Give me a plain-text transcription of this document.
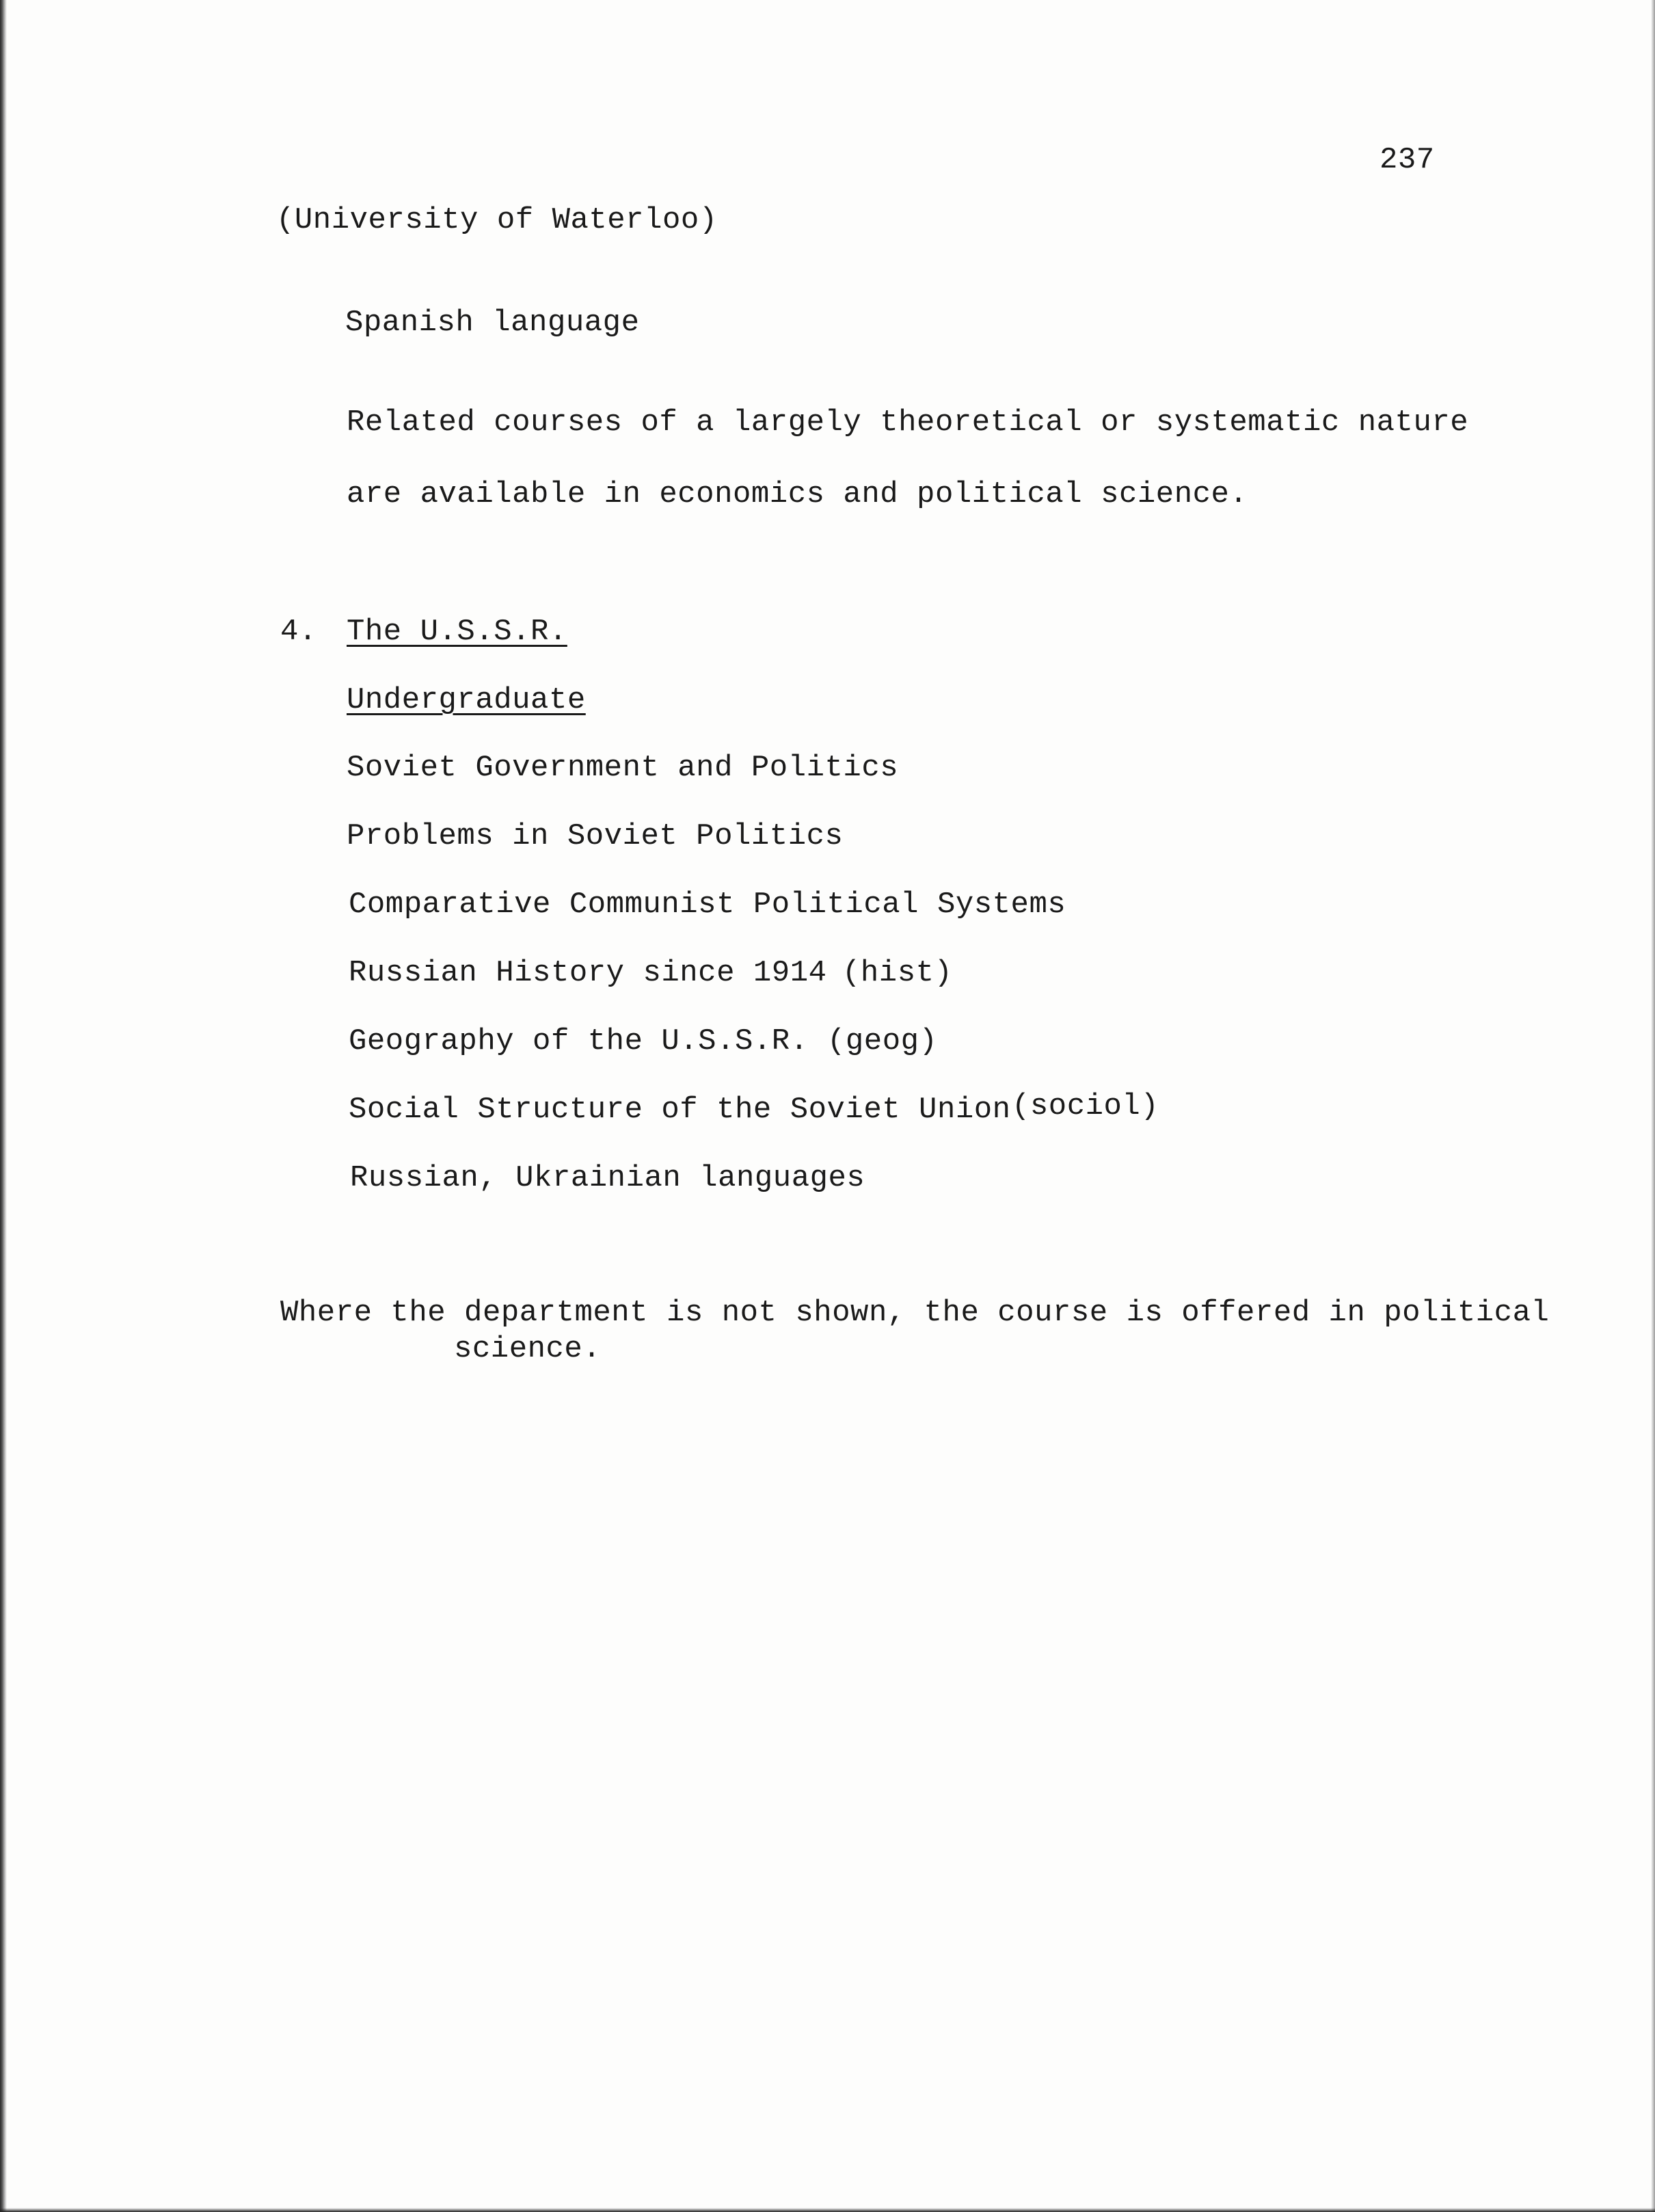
237
(University of Waterloo)
Spanish language
Related courses of a largely theoretical or systematic nature
are available in economics and political science.
4. The U.S.S.R.
Undergraduate
Soviet Government and Politics
Problems in Soviet Politics
Comparative Communist Political Systems
Russian History since 1914 (hist)
Geography of the U.S.S.R. (geog)
Social Structure of the Soviet Union (sociol)
Russian, Ukrainian languages
Where the department is not shown, the course is offered in political
science.
